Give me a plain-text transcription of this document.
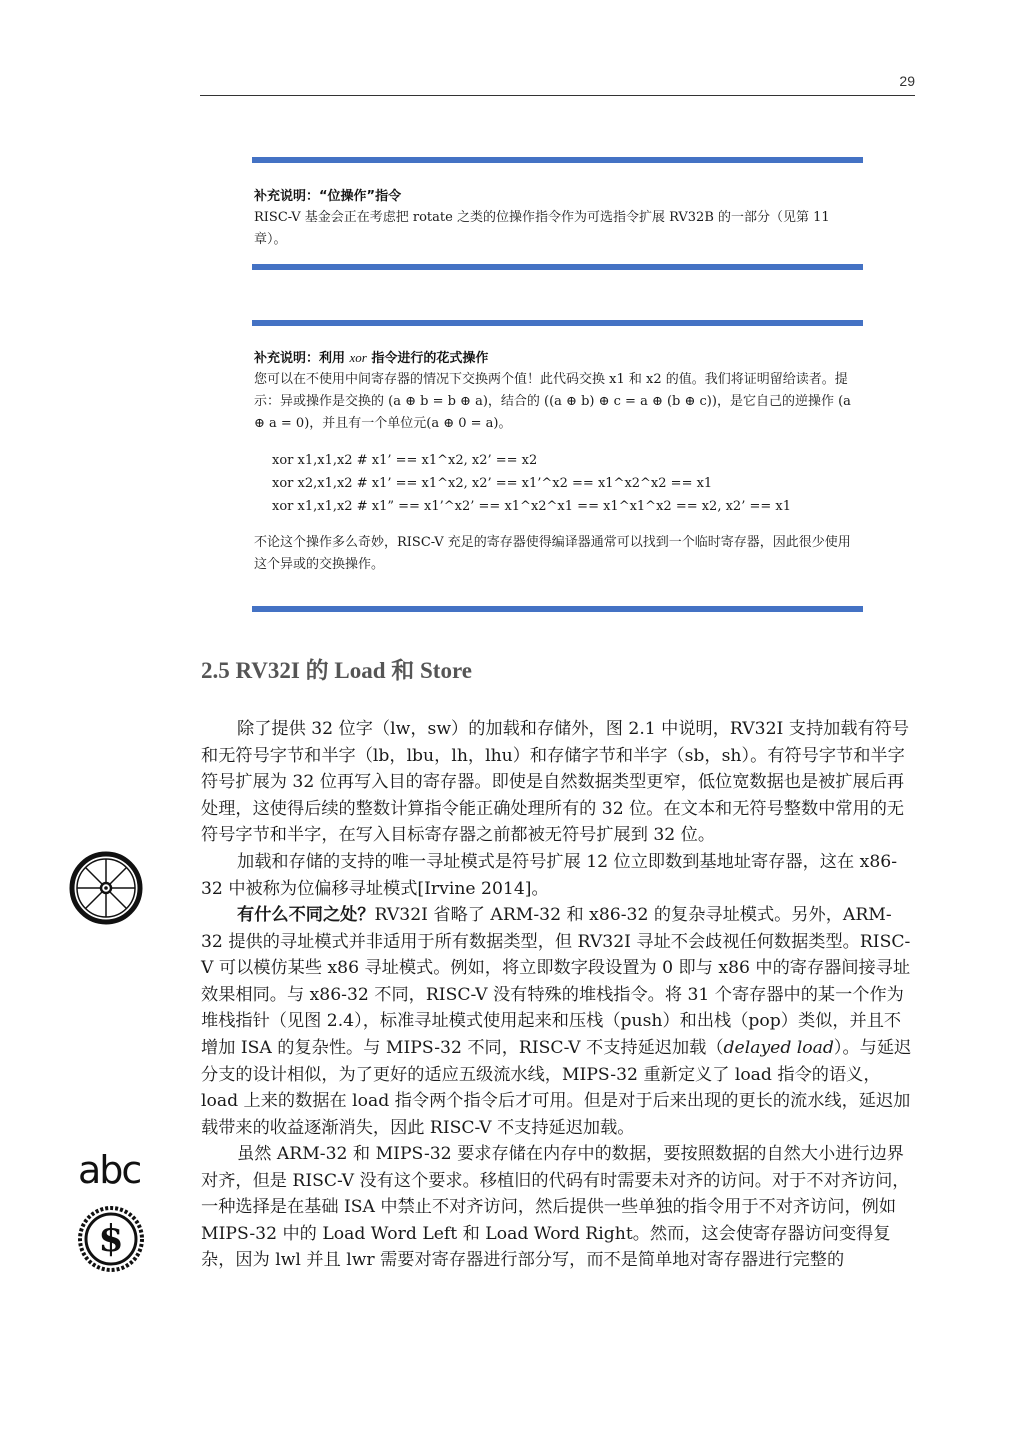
29

补充说明：“位操作”指令

RISC-V 基金会正在考虑把 rotate 之类的位操作指令作为可选指令扩展 RV32B 的一部分（见第 11 章）。

补充说明：利用 xor 指令进行的花式操作

您可以在不使用中间寄存器的情况下交换两个值！此代码交换 x1 和 x2 的值。我们将证明留给读者。提示：异或操作是交换的 (a ⊕ b = b ⊕ a)，结合的 ((a ⊕ b) ⊕ c = a ⊕ (b ⊕ c))，是它自己的逆操作 (a ⊕ a = 0)，并且有一个单位元(a ⊕ 0 = a)。

xor x1,x1,x2 # x1’ == x1^x2, x2’ == x2

xor x2,x1,x2 # x1’ == x1^x2, x2’ == x1’^x2 == x1^x2^x2 == x1

xor x1,x1,x2 # x1” == x1’^x2’ == x1^x2^x1 == x1^x1^x2 == x2, x2’ == x1

不论这个操作多么奇妙，RISC-V 充足的寄存器使得编译器通常可以找到一个临时寄存器，因此很少使用这个异或的交换操作。

2.5 RV32I 的 Load 和 Store

除了提供 32 位字（lw，sw）的加载和存储外，图 2.1 中说明，RV32I 支持加载有符号和无符号字节和半字（lb，lbu，lh，lhu）和存储字节和半字（sb，sh）。有符号字节和半字符号扩展为 32 位再写入目的寄存器。即使是自然数据类型更窄，低位宽数据也是被扩展后再处理，这使得后续的整数计算指令能正确处理所有的 32 位。在文本和无符号整数中常用的无符号字节和半字，在写入目标寄存器之前都被无符号扩展到 32 位。

加载和存储的支持的唯一寻址模式是符号扩展 12 位立即数到基地址寄存器，这在 x86-32 中被称为位偏移寻址模式[Irvine 2014]。

有什么不同之处？RV32I 省略了 ARM-32 和 x86-32 的复杂寻址模式。另外，ARM-32 提供的寻址模式并非适用于所有数据类型，但 RV32I 寻址不会歧视任何数据类型。RISC-V 可以模仿某些 x86 寻址模式。例如，将立即数字段设置为 0 即与 x86 中的寄存器间接寻址效果相同。与 x86-32 不同，RISC-V 没有特殊的堆栈指令。将 31 个寄存器中的某一个作为堆栈指针（见图 2.4），标准寻址模式使用起来和压栈（push）和出栈（pop）类似，并且不增加 ISA 的复杂性。与 MIPS-32 不同，RISC-V 不支持延迟加载（delayed load）。与延迟分支的设计相似，为了更好的适应五级流水线，MIPS-32 重新定义了 load 指令的语义，load 上来的数据在 load 指令两个指令后才可用。但是对于后来出现的更长的流水线，延迟加载带来的收益逐渐消失，因此 RISC-V 不支持延迟加载。

虽然 ARM-32 和 MIPS-32 要求存储在内存中的数据，要按照数据的自然大小进行边界对齐，但是 RISC-V 没有这个要求。移植旧的代码有时需要未对齐的访问。对于不对齐访问，一种选择是在基础 ISA 中禁止不对齐访问，然后提供一些单独的指令用于不对齐访问，例如 MIPS-32 中的 Load Word Left 和 Load Word Right。然而，这会使寄存器访问变得复杂，因为 lwl 并且 lwr 需要对寄存器进行部分写，而不是简单地对寄存器进行完整的

abc
$
